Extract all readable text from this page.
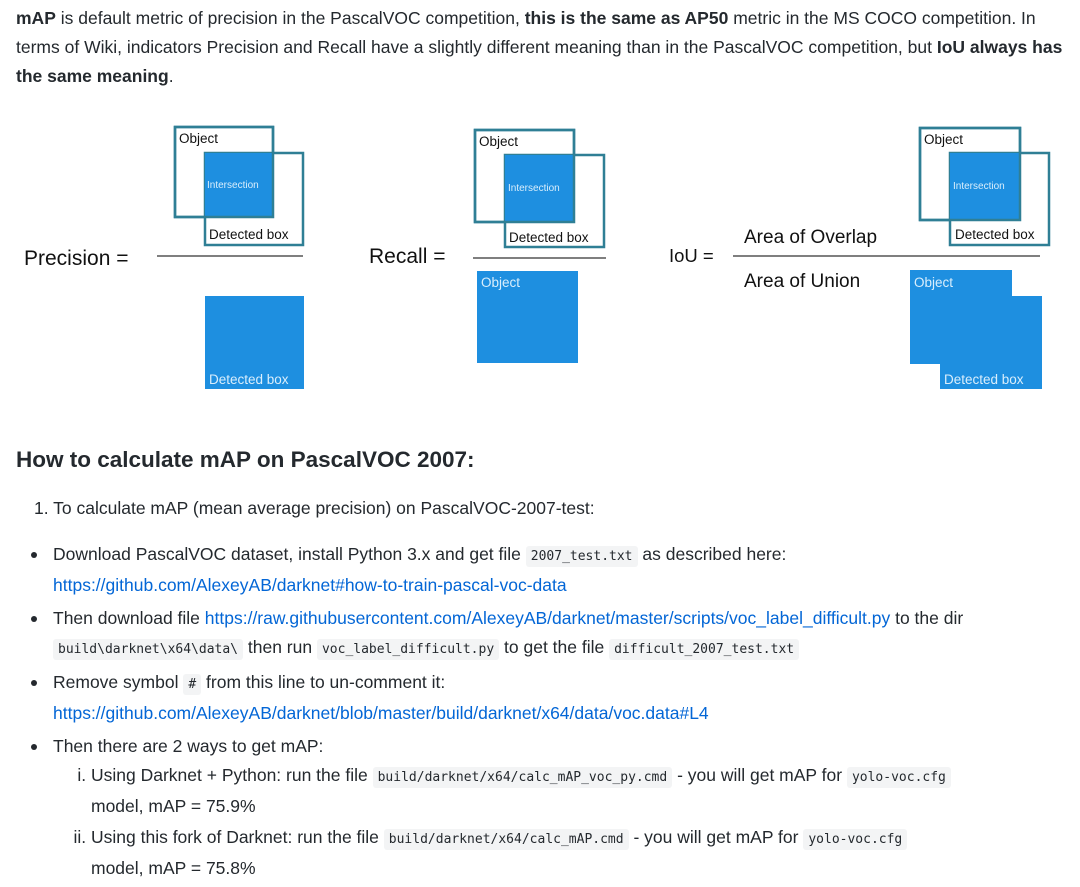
mAP is default metric of precision in the PascalVOC competition, this is the same as AP50 metric in the MS COCO competition. In terms of Wiki, indicators Precision and Recall have a slightly different meaning than in the PascalVOC competition, but IoU always has the same meaning.

Precision =
Object
Intersection
Detected box
Detected box
Recall =
Object
Intersection
Detected box
Object
IoU =
Area of Overlap
Area of Union
Object
Intersection
Detected box
Object
Detected box
How to calculate mAP on PascalVOC 2007:
1. To calculate mAP (mean average precision) on PascalVOC-2007-test:
Download PascalVOC dataset, install Python 3.x and get file 2007_test.txt as described here:
https://github.com/AlexeyAB/darknet#how-to-train-pascal-voc-data
Then download file https://raw.githubusercontent.com/AlexeyAB/darknet/master/scripts/voc_label_difficult.py to the dir
build\darknet\x64\data\ then run voc_label_difficult.py to get the file difficult_2007_test.txt
Remove symbol # from this line to un-comment it:
https://github.com/AlexeyAB/darknet/blob/master/build/darknet/x64/data/voc.data#L4
Then there are 2 ways to get mAP:
i. Using Darknet + Python: run the file build/darknet/x64/calc_mAP_voc_py.cmd - you will get mAP for yolo-voc.cfg
model, mAP = 75.9%
ii. Using this fork of Darknet: run the file build/darknet/x64/calc_mAP.cmd - you will get mAP for yolo-voc.cfg
model, mAP = 75.8%
